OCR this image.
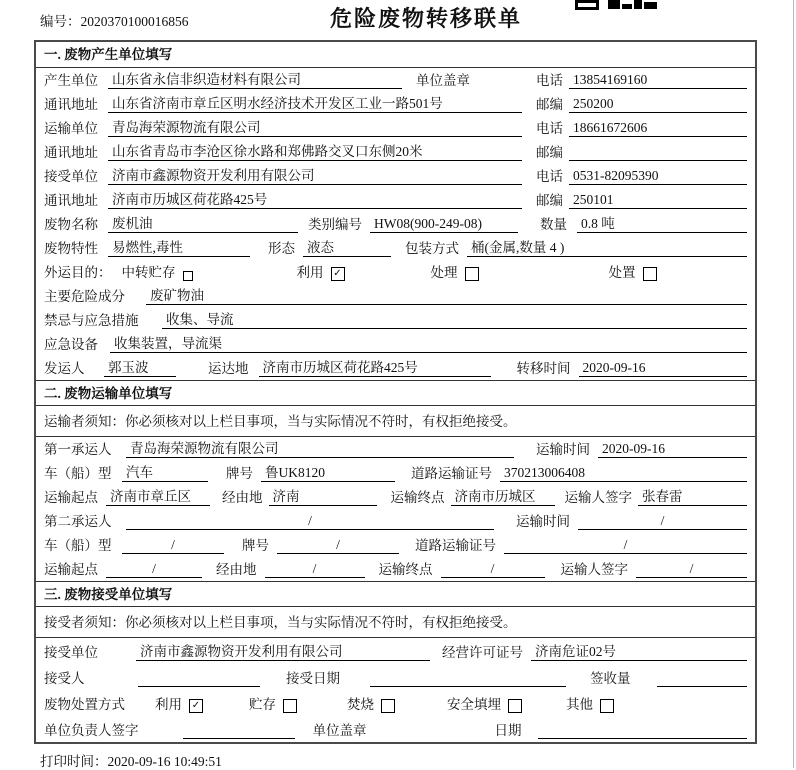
编号：2020370100016856	危险废物转移联单
一. 废物产生单位填写
产生单位	山东省永信非织造材料有限公司	单位盖章	电话 13854169160
通讯地址	山东省济南市章丘区明水经济技术开发区工业一路501号	邮编 250200
运输单位	青岛海荣源物流有限公司	电话 18661672606
通讯地址	山东省青岛市李沧区徐水路和郑佛路交叉口东侧20米	邮编
接受单位	济南市鑫源物资开发利用有限公司	电话 0531-82095390
通讯地址	济南市历城区荷花路425号	邮编 250101
废物名称	废机油	类别编号 HW08(900-249-08)	数量 0.8 吨
废物特性	易燃性,毒性	形态 液态	包装方式 桶(金属,数量 4 )
外运目的： 中转贮存	利用 ✓	处理	处置
主要危险成分	废矿物油
禁忌与应急措施	收集、导流
应急设备	收集装置，导流渠
发运人	郭玉波	运达地 济南市历城区荷花路425号	转移时间 2020-09-16
二. 废物运输单位填写
运输者须知：你必须核对以上栏目事项，当与实际情况不符时，有权拒绝接受。
第一承运人	青岛海荣源物流有限公司	运输时间 2020-09-16
车（船）型	汽车	牌号 鲁UK8120	道路运输证号 370213006408
运输起点 济南市章丘区	经由地 济南	运输终点 济南市历城区	运输人签字 张春雷
第二承运人	/	运输时间	/
车（船）型	/	牌号	/	道路运输证号	/
运输起点	/	经由地	/	运输终点	/	运输人签字	/
三. 废物接受单位填写
接受者须知：你必须核对以上栏目事项，当与实际情况不符时，有权拒绝接受。
接受单位	济南市鑫源物资开发利用有限公司	经营许可证号 济南危证02号
接受人	接受日期	签收量
废物处置方式 利用 ✓	贮存	焚烧	安全填埋	其他
单位负责人签字	单位盖章	日期
打印时间：2020-09-16 10:49:51
